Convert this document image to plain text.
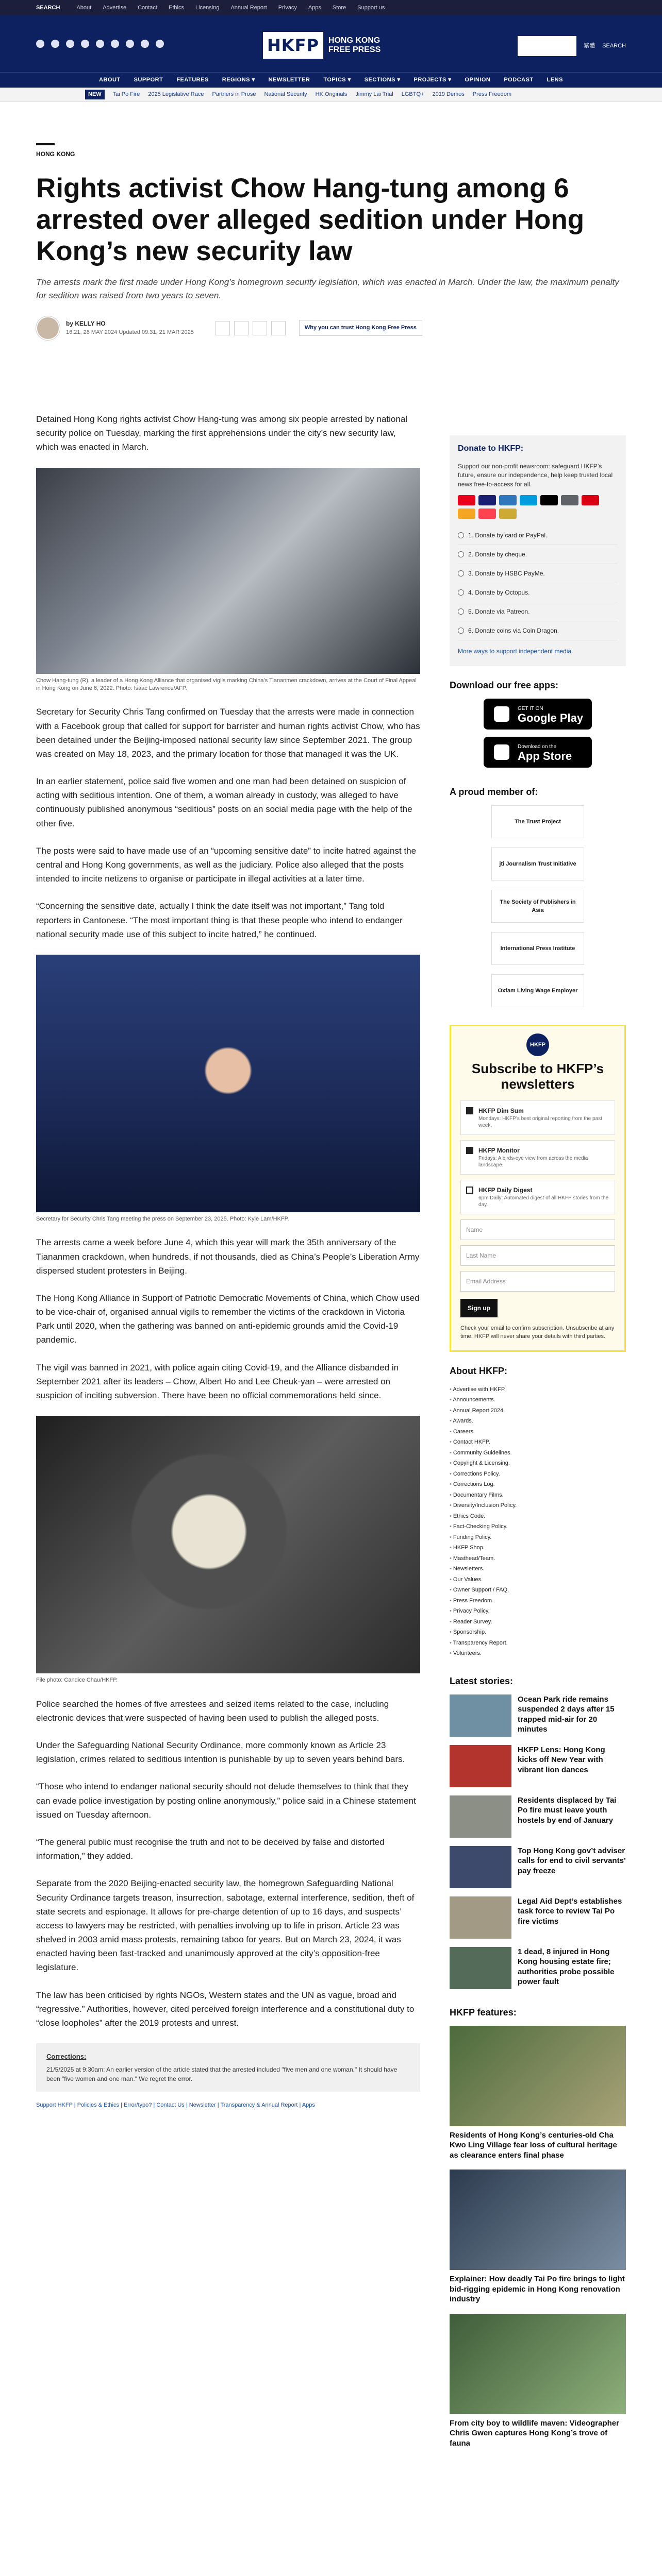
SEARCH	About Advertise Contact Ethics Licensing Annual Report Privacy Apps Store Support us
HKFP	HONG KONG FREE PRESS	SUPPORT HKFP	繁體 SEARCH
ABOUT SUPPORT FEATURES REGIONS ▾ NEWSLETTER TOPICS ▾ SECTIONS ▾ PROJECTS ▾ OPINION PODCAST LENS
NEW	Tai Po Fire 2025 Legislative Race Partners in Prose National Security HK Originals Jimmy Lai Trial LGBTQ+ 2019 Demos Press Freedom
HONG KONG
Rights activist Chow Hang-tung among 6 arrested over alleged sedition under Hong Kong’s new security law

The arrests mark the first made under Hong Kong’s homegrown security legislation, which was enacted in March. Under the law, the maximum penalty for sedition was raised from two years to seven.

by KELLY HO
16:21, 28 MAY 2024 Updated 09:31, 21 MAR 2025
Why you can trust Hong Kong Free Press

Detained Hong Kong rights activist Chow Hang-tung was among six people arrested by national security police on Tuesday, marking the first apprehensions under the city’s new security law, which was enacted in March.

Chow Hang-tung (R), a leader of a Hong Kong Alliance that organised vigils marking China’s Tiananmen crackdown, arrives at the Court of Final Appeal in Hong Kong on June 6, 2022. Photo: Isaac Lawrence/AFP.

Secretary for Security Chris Tang confirmed on Tuesday that the arrests were made in connection with a Facebook group that called for support for barrister and human rights activist Chow, who has been detained under the Beijing-imposed national security law since September 2021. The group was created on May 18, 2023, and the primary location for those that managed it was the UK.

In an earlier statement, police said five women and one man had been detained on suspicion of acting with seditious intention. One of them, a woman already in custody, was alleged to have continuously published anonymous “seditious” posts on an social media page with the help of the other five.

The posts were said to have made use of an “upcoming sensitive date” to incite hatred against the central and Hong Kong governments, as well as the judiciary. Police also alleged that the posts intended to incite netizens to organise or participate in illegal activities at a later time.

“Concerning the sensitive date, actually I think the date itself was not important,” Tang told reporters in Cantonese. “The most important thing is that these people who intend to endanger national security made use of this subject to incite hatred,” he continued.

Secretary for Security Chris Tang meeting the press on September 23, 2025. Photo: Kyle Lam/HKFP.

The arrests came a week before June 4, which this year will mark the 35th anniversary of the Tiananmen crackdown, when hundreds, if not thousands, died as China’s People’s Liberation Army dispersed student protesters in Beijing.

The Hong Kong Alliance in Support of Patriotic Democratic Movements of China, which Chow used to be vice-chair of, organised annual vigils to remember the victims of the crackdown in Victoria Park until 2020, when the gathering was banned on anti-epidemic grounds amid the Covid-19 pandemic.

The vigil was banned in 2021, with police again citing Covid-19, and the Alliance disbanded in September 2021 after its leaders – Chow, Albert Ho and Lee Cheuk-yan – were arrested on suspicion of inciting subversion. There have been no official commemorations held since.

File photo: Candice Chau/HKFP.

Police searched the homes of five arrestees and seized items related to the case, including electronic devices that were suspected of having been used to publish the alleged posts.

Under the Safeguarding National Security Ordinance, more commonly known as Article 23 legislation, crimes related to seditious intention is punishable by up to seven years behind bars.

“Those who intend to endanger national security should not delude themselves to think that they can evade police investigation by posting online anonymously,” police said in a Chinese statement issued on Tuesday afternoon.

“The general public must recognise the truth and not to be deceived by false and distorted information,” they added.

Separate from the 2020 Beijing-enacted security law, the homegrown Safeguarding National Security Ordinance targets treason, insurrection, sabotage, external interference, sedition, theft of state secrets and espionage. It allows for pre-charge detention of up to 16 days, and suspects’ access to lawyers may be restricted, with penalties involving up to life in prison. Article 23 was shelved in 2003 amid mass protests, remaining taboo for years. But on March 23, 2024, it was enacted having been fast-tracked and unanimously approved at the city’s opposition-free legislature.

The law has been criticised by rights NGOs, Western states and the UN as vague, broad and “regressive.” Authorities, however, cited perceived foreign interference and a constitutional duty to “close loopholes” after the 2019 protests and unrest.

Corrections:
21/5/2025 at 9:30am: An earlier version of the article stated that the arrested included "five men and one woman." It should have been "five women and one man." We regret the error.
Support HKFP | Policies & Ethics | Error/typo? | Contact Us | Newsletter | Transparency & Annual Report | Apps
Donate to HKFP:

Support our non-profit newsroom: safeguard HKFP’s future, ensure our independence, help keep trusted local news free-to-access for all.

1. Donate by card or PayPal.
2. Donate by cheque.
3. Donate by HSBC PayMe.
4. Donate by Octopus.
5. Donate via Patreon.
6. Donate coins via Coin Dragon.
More ways to support independent media.
Download our free apps:
GET IT ON
Google Play
Download on the
App Store
A proud member of:
The Trust Project
jti Journalism Trust Initiative
The Society of Publishers in Asia
International Press Institute
Oxfam Living Wage Employer
HKFP
Subscribe to HKFP’s newsletters
HKFP Dim Sum
Mondays: HKFP’s best original reporting from the past week.
HKFP Monitor
Fridays: A birds-eye view from across the media landscape.
HKFP Daily Digest
6pm Daily: Automated digest of all HKFP stories from the day.
Name
Last Name
Email Address
Sign up
Check your email to confirm subscription. Unsubscribe at any time. HKFP will never share your details with third parties.
About HKFP:
• Advertise with HKFP.
• Announcements.
• Annual Report 2024.
• Awards.
• Careers.
• Contact HKFP.
• Community Guidelines.
• Copyright & Licensing.
• Corrections Policy.
• Corrections Log.
• Documentary Films.
• Diversity/Inclusion Policy.
• Ethics Code.
• Fact-Checking Policy.
• Funding Policy.
• HKFP Shop.
• Masthead/Team.
• Newsletters.
• Our Values.
• Owner Support / FAQ.
• Press Freedom.
• Privacy Policy.
• Reader Survey.
• Sponsorship.
• Transparency Report.
• Volunteers.
Latest stories:
Ocean Park ride remains suspended 2 days after 15 trapped mid-air for 20 minutes
HKFP Lens: Hong Kong kicks off New Year with vibrant lion dances
Residents displaced by Tai Po fire must leave youth hostels by end of January
Top Hong Kong gov’t adviser calls for end to civil servants’ pay freeze
Legal Aid Dept’s establishes task force to review Tai Po fire victims
1 dead, 8 injured in Hong Kong housing estate fire; authorities probe possible power fault
HKFP features:
Residents of Hong Kong’s centuries-old Cha Kwo Ling Village fear loss of cultural heritage as clearance enters final phase
Explainer: How deadly Tai Po fire brings to light bid-rigging epidemic in Hong Kong renovation industry
From city boy to wildlife maven: Videographer Chris Gwen captures Hong Kong’s trove of fauna
